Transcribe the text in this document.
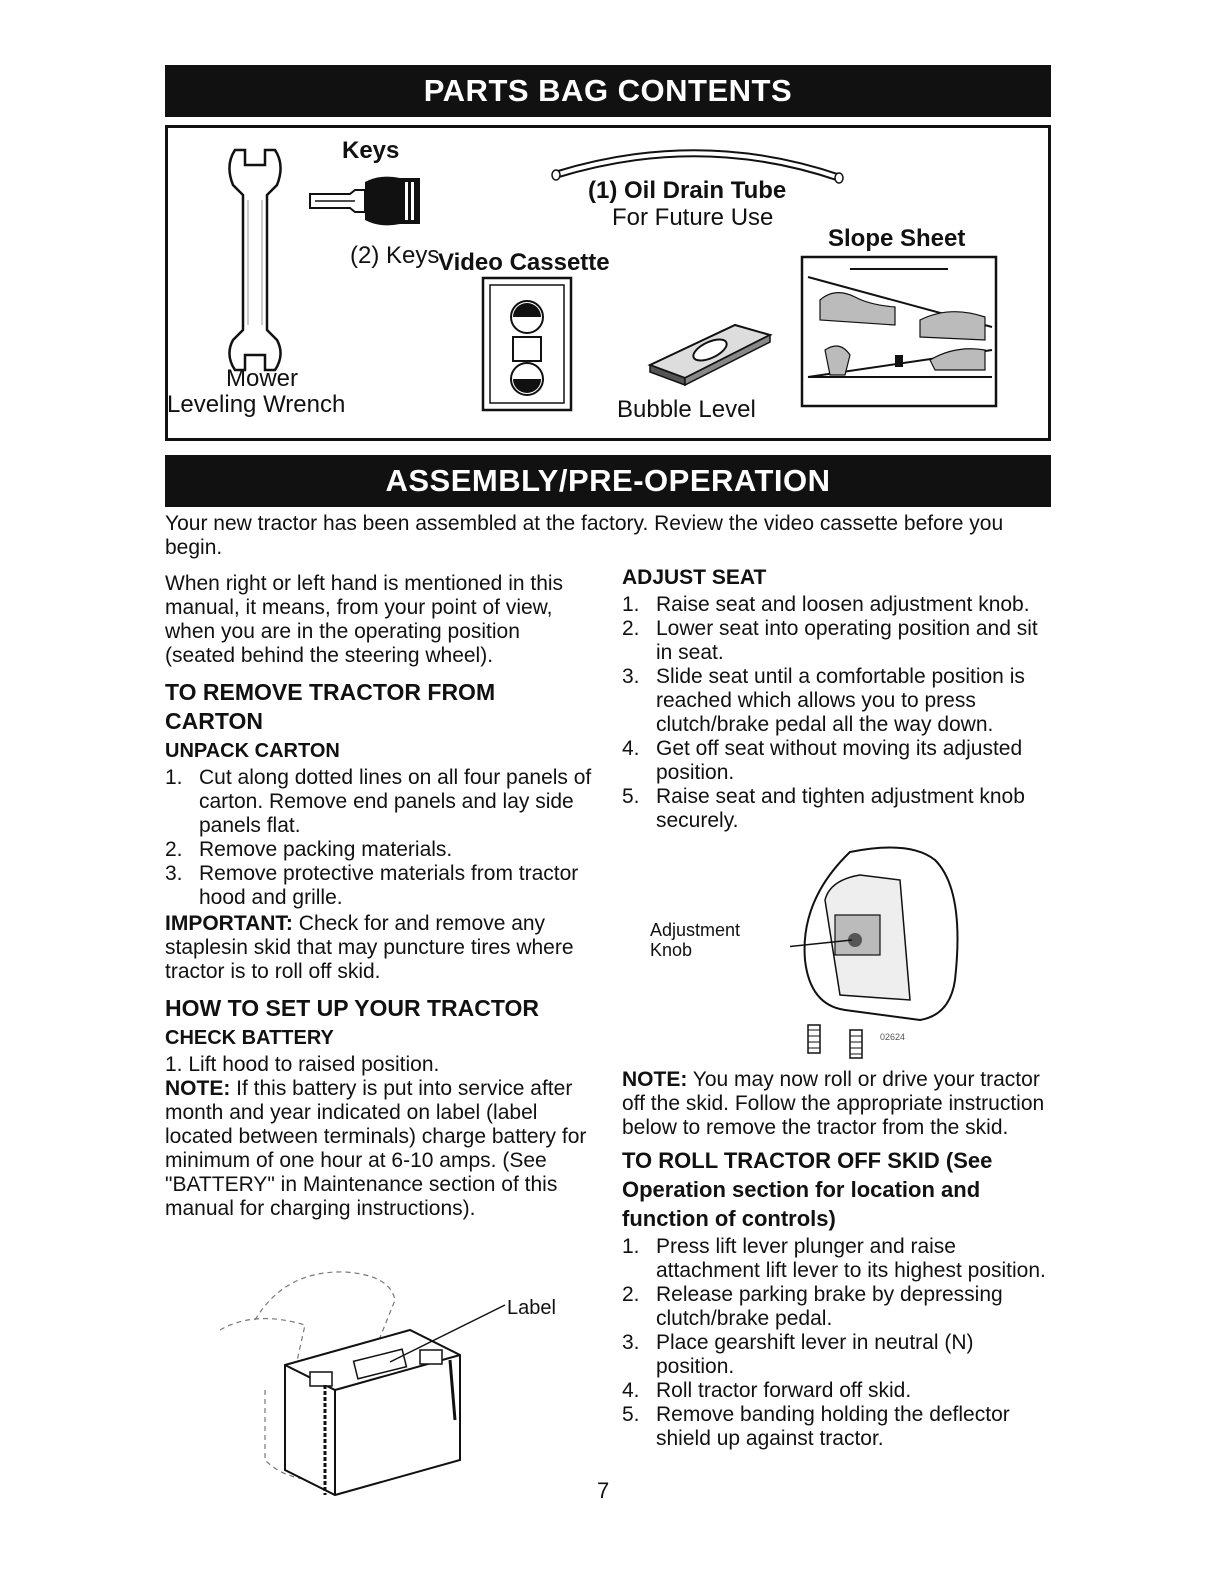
PARTS BAG CONTENTS
Mower
Leveling Wrench
Keys
(2) Keys
Video Cassette
(1) Oil Drain Tube
For Future Use
Bubble Level
Slope Sheet
ASSEMBLY/PRE-OPERATION
Your new tractor has been assembled at the factory. Review the video cassette before you begin.

When right or left hand is mentioned in this manual, it means, from your point of view, when you are in the operating position (seated behind the steering wheel).

TO REMOVE TRACTOR FROM CARTON
UNPACK CARTON
1. Cut along dotted lines on all four panels of carton. Remove end panels and lay side panels flat.
2. Remove packing materials.
3. Remove protective materials from tractor hood and grille.

IMPORTANT: Check for and remove any staplesin skid that may puncture tires where tractor is to roll off skid.

HOW TO SET UP YOUR TRACTOR
CHECK BATTERY
1. Lift hood to raised position.

NOTE: If this battery is put into service after month and year indicated on label (label located between terminals) charge battery for minimum of one hour at 6-10 amps. (See "BATTERY" in Maintenance section of this manual for charging instructions).

Label
ADJUST SEAT
1. Raise seat and loosen adjustment knob.
2. Lower seat into operating position and sit in seat.
3. Slide seat until a comfortable position is reached which allows you to press clutch/brake pedal all the way down.
4. Get off seat without moving its adjusted position.
5. Raise seat and tighten adjustment knob securely.
Adjustment
Knob
02624

NOTE: You may now roll or drive your tractor off the skid. Follow the appropriate instruction below to remove the tractor from the skid.

TO ROLL TRACTOR OFF SKID (See Operation section for location and function of controls)
1. Press lift lever plunger and raise attachment lift lever to its highest position.
2. Release parking brake by depressing clutch/brake pedal.
3. Place gearshift lever in neutral (N) position.
4. Roll tractor forward off skid.
5. Remove banding holding the deflector shield up against tractor.
7
